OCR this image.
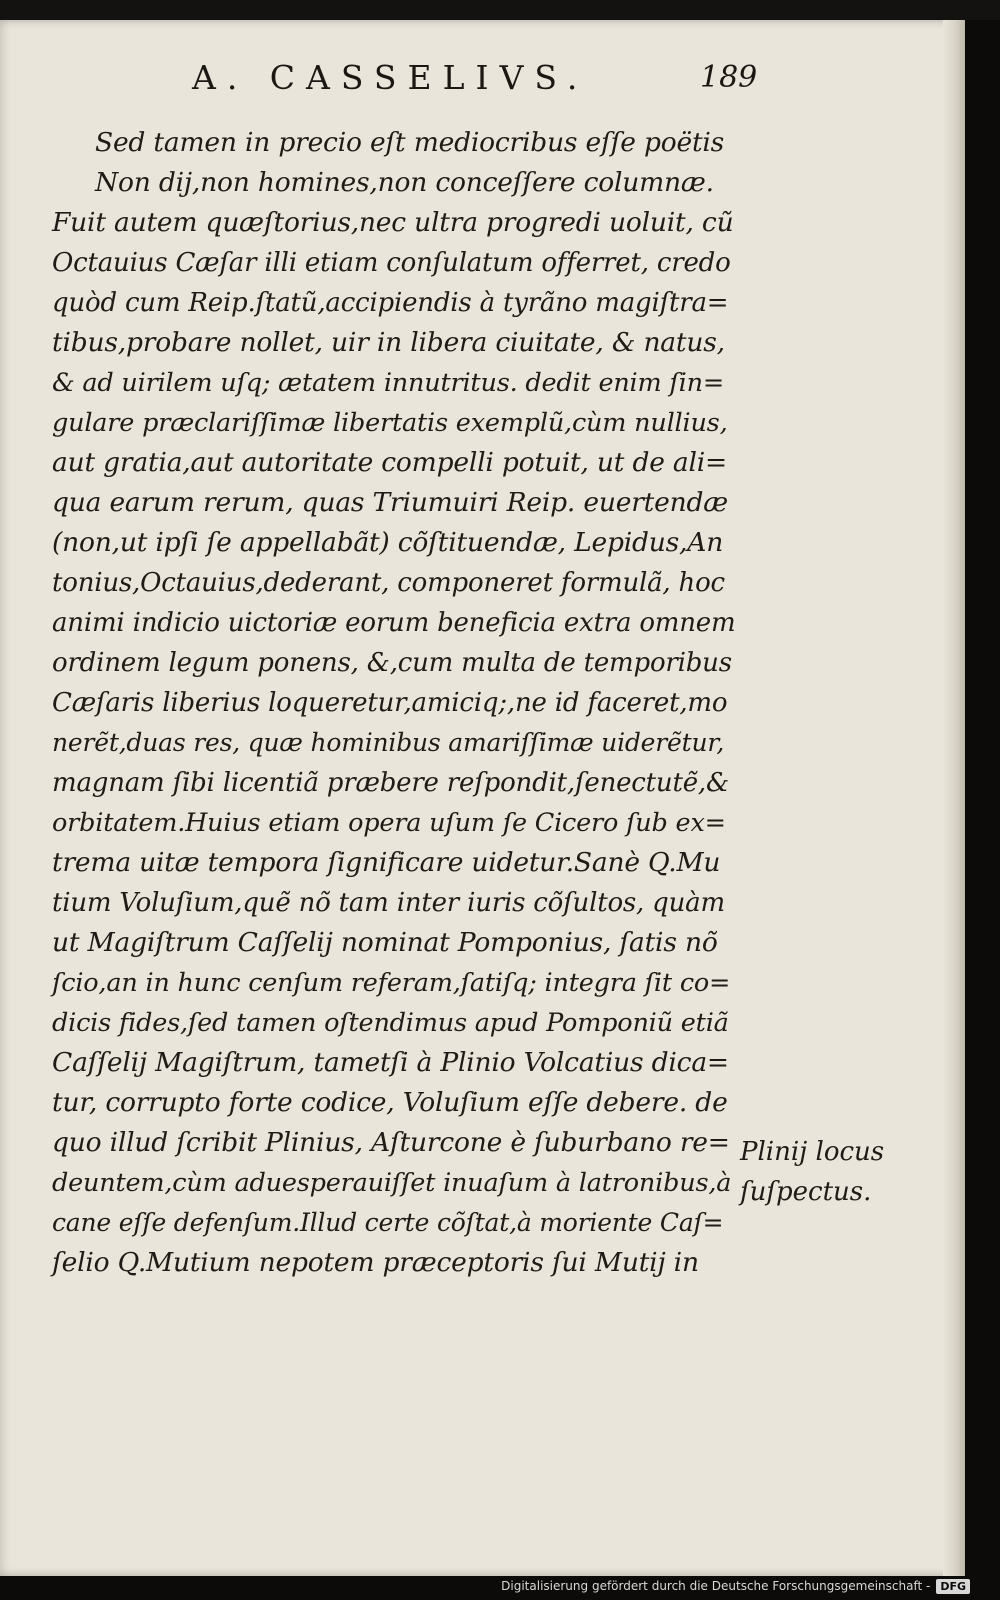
A. CASSELIVS.	189
Sed tamen in precio eſt mediocribus eſſe poëtis
Non dij,non homines,non conceſſere columnæ.
Fuit autem quæſtorius,nec ultra progredi uoluit, cũ
Octauius Cæſar illi etiam conſulatum offerret, credo
quòd cum Reip.ſtatũ,accipiendis à tyrãno magiſtra=
tibus,probare nollet, uir in libera ciuitate, & natus,
& ad uirilem uſq; ætatem innutritus. dedit enim ſin=
gulare præclariſſimæ libertatis exemplũ,cùm nullius,
aut gratia,aut autoritate compelli potuit, ut de ali=
qua earum rerum, quas Triumuiri Reip. euertendæ
(non,ut ipſi ſe appellabãt) cõſtituendæ, Lepidus,An
tonius,Octauius,dederant, componeret formulã, hoc
animi indicio uictoriæ eorum beneficia extra omnem
ordinem legum ponens, &,cum multa de temporibus
Cæſaris liberius loqueretur,amiciq;,ne id faceret,mo
nerẽt,duas res, quæ hominibus amariſſimæ uiderẽtur,
magnam ſibi licentiã præbere reſpondit,ſenectutẽ,&
orbitatem.Huius etiam opera uſum ſe Cicero ſub ex=
trema uitæ tempora ſignificare uidetur.Sanè Q.Mu
tium Voluſium,quẽ nõ tam inter iuris cõſultos, quàm
ut Magiſtrum Caſſelij nominat Pomponius, ſatis nõ
ſcio,an in hunc cenſum referam,ſatiſq; integra ſit co=
dicis fides,ſed tamen oſtendimus apud Pomponiũ etiã
Caſſelij Magiſtrum, tametſi à Plinio Volcatius dica=
tur, corrupto forte codice, Voluſium eſſe debere. de
quo illud ſcribit Plinius, Aſturcone è ſuburbano re=
deuntem,cùm aduesperauiſſet inuaſum à latronibus,à
cane eſſe defenſum.Illud certe cõſtat,à moriente Caſ=
ſelio Q.Mutium nepotem præceptoris ſui Mutij in
Plinij locus
ſuſpectus.
Digitalisierung gefördert durch die Deutsche Forschungsgemeinschaft - DFG
